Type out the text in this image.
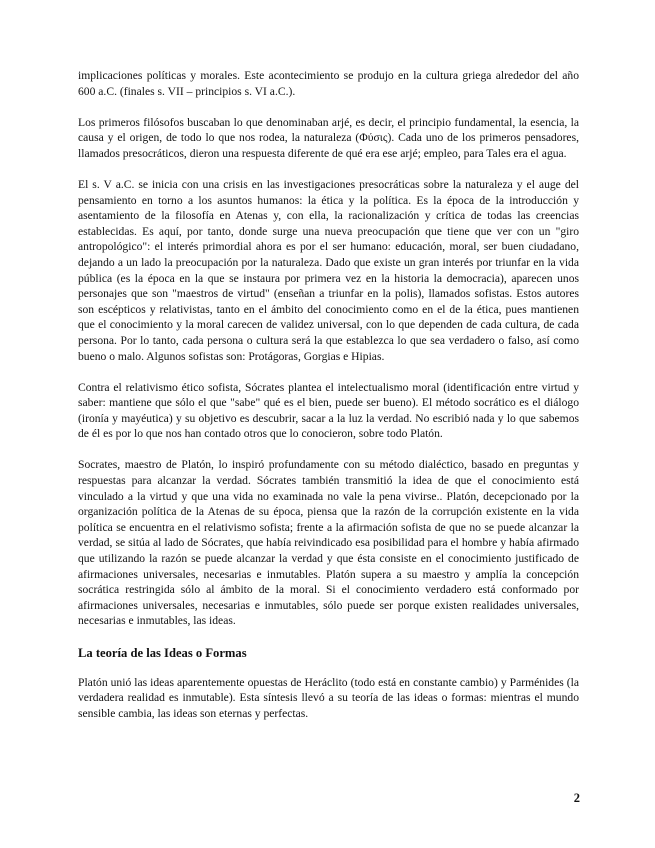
implicaciones políticas y morales. Este acontecimiento se produjo en la cultura griega alrededor del año 600 a.C. (finales s. VII – principios s. VI a.C.).

Los primeros filósofos buscaban lo que denominaban arjé, es decir, el principio fundamental, la esencia, la causa y el origen, de todo lo que nos rodea, la naturaleza (Φύσις). Cada uno de los primeros pensadores, llamados presocráticos, dieron una respuesta diferente de qué era ese arjé; empleo, para Tales era el agua.

El s. V a.C. se inicia con una crisis en las investigaciones presocráticas sobre la naturaleza y el auge del pensamiento en torno a los asuntos humanos: la ética y la política. Es la época de la introducción y asentamiento de la filosofía en Atenas y, con ella, la racionalización y crítica de todas las creencias establecidas. Es aquí, por tanto, donde surge una nueva preocupación que tiene que ver con un "giro antropológico": el interés primordial ahora es por el ser humano: educación, moral, ser buen ciudadano, dejando a un lado la preocupación por la naturaleza. Dado que existe un gran interés por triunfar en la vida pública (es la época en la que se instaura por primera vez en la historia la democracia), aparecen unos personajes que son "maestros de virtud" (enseñan a triunfar en la polis), llamados sofistas. Estos autores son escépticos y relativistas, tanto en el ámbito del conocimiento como en el de la ética, pues mantienen que el conocimiento y la moral carecen de validez universal, con lo que dependen de cada cultura, de cada persona. Por lo tanto, cada persona o cultura será la que establezca lo que sea verdadero o falso, así como bueno o malo. Algunos sofistas son: Protágoras, Gorgias e Hipias.

Contra el relativismo ético sofista, Sócrates plantea el intelectualismo moral (identificación entre virtud y saber: mantiene que sólo el que "sabe" qué es el bien, puede ser bueno). El método socrático es el diálogo (ironía y mayéutica) y su objetivo es descubrir, sacar a la luz la verdad. No escribió nada y lo que sabemos de él es por lo que nos han contado otros que lo conocieron, sobre todo Platón.

Socrates, maestro de Platón, lo inspiró profundamente con su método dialéctico, basado en preguntas y respuestas para alcanzar la verdad. Sócrates también transmitió la idea de que el conocimiento está vinculado a la virtud y que una vida no examinada no vale la pena vivirse.. Platón, decepcionado por la organización política de la Atenas de su época, piensa que la razón de la corrupción existente en la vida política se encuentra en el relativismo sofista; frente a la afirmación sofista de que no se puede alcanzar la verdad, se sitúa al lado de Sócrates, que había reivindicado esa posibilidad para el hombre y había afirmado que utilizando la razón se puede alcanzar la verdad y que ésta consiste en el conocimiento justificado de afirmaciones universales, necesarias e inmutables. Platón supera a su maestro y amplía la concepción socrática restringida sólo al ámbito de la moral. Si el conocimiento verdadero está conformado por afirmaciones universales, necesarias e inmutables, sólo puede ser porque existen realidades universales, necesarias e inmutables, las ideas.

La teoría de las Ideas o Formas

Platón unió las ideas aparentemente opuestas de Heráclito (todo está en constante cambio) y Parménides (la verdadera realidad es inmutable). Esta síntesis llevó a su teoría de las ideas o formas: mientras el mundo sensible cambia, las ideas son eternas y perfectas.

2
